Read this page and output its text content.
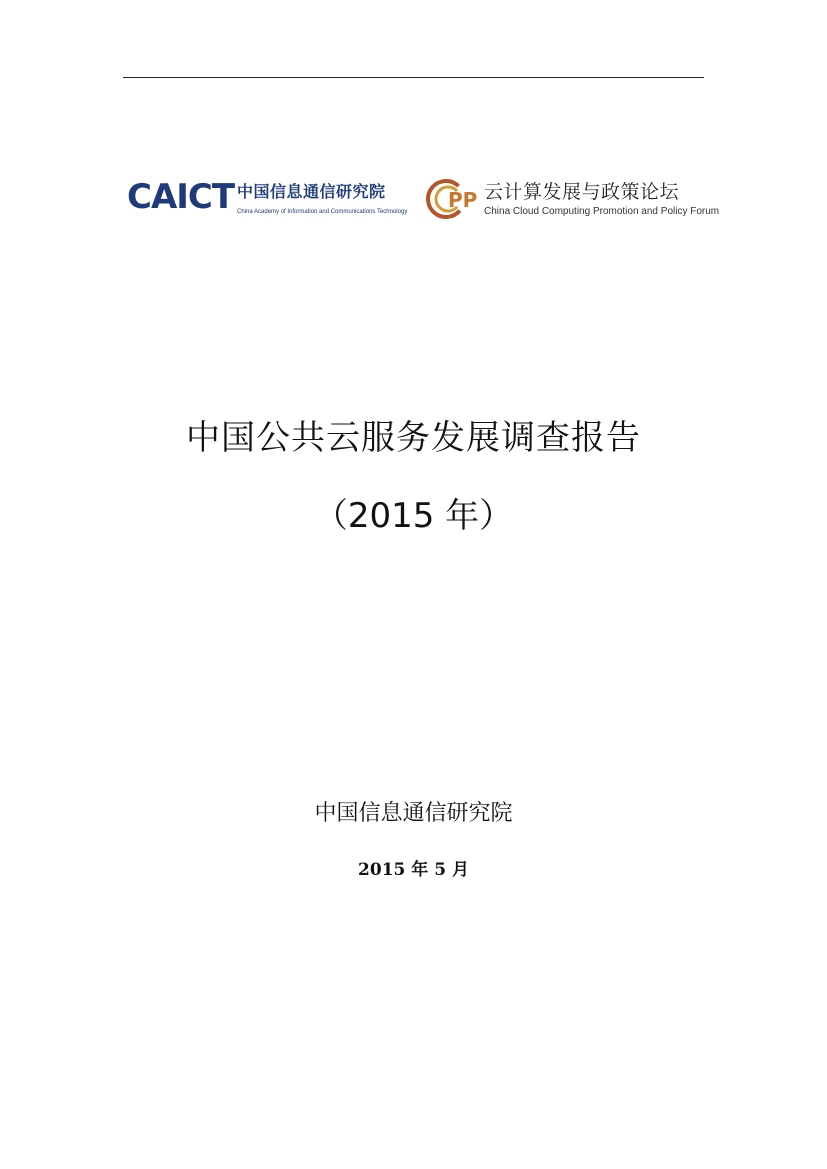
CAICT 中国信息通信研究院
China Academy of Information and Communications Technology PP 云计算发展与政策论坛
China Cloud Computing Promotion and Policy Forum
中国公共云服务发展调查报告
（2015 年）
中国信息通信研究院
2015 年 5 月
